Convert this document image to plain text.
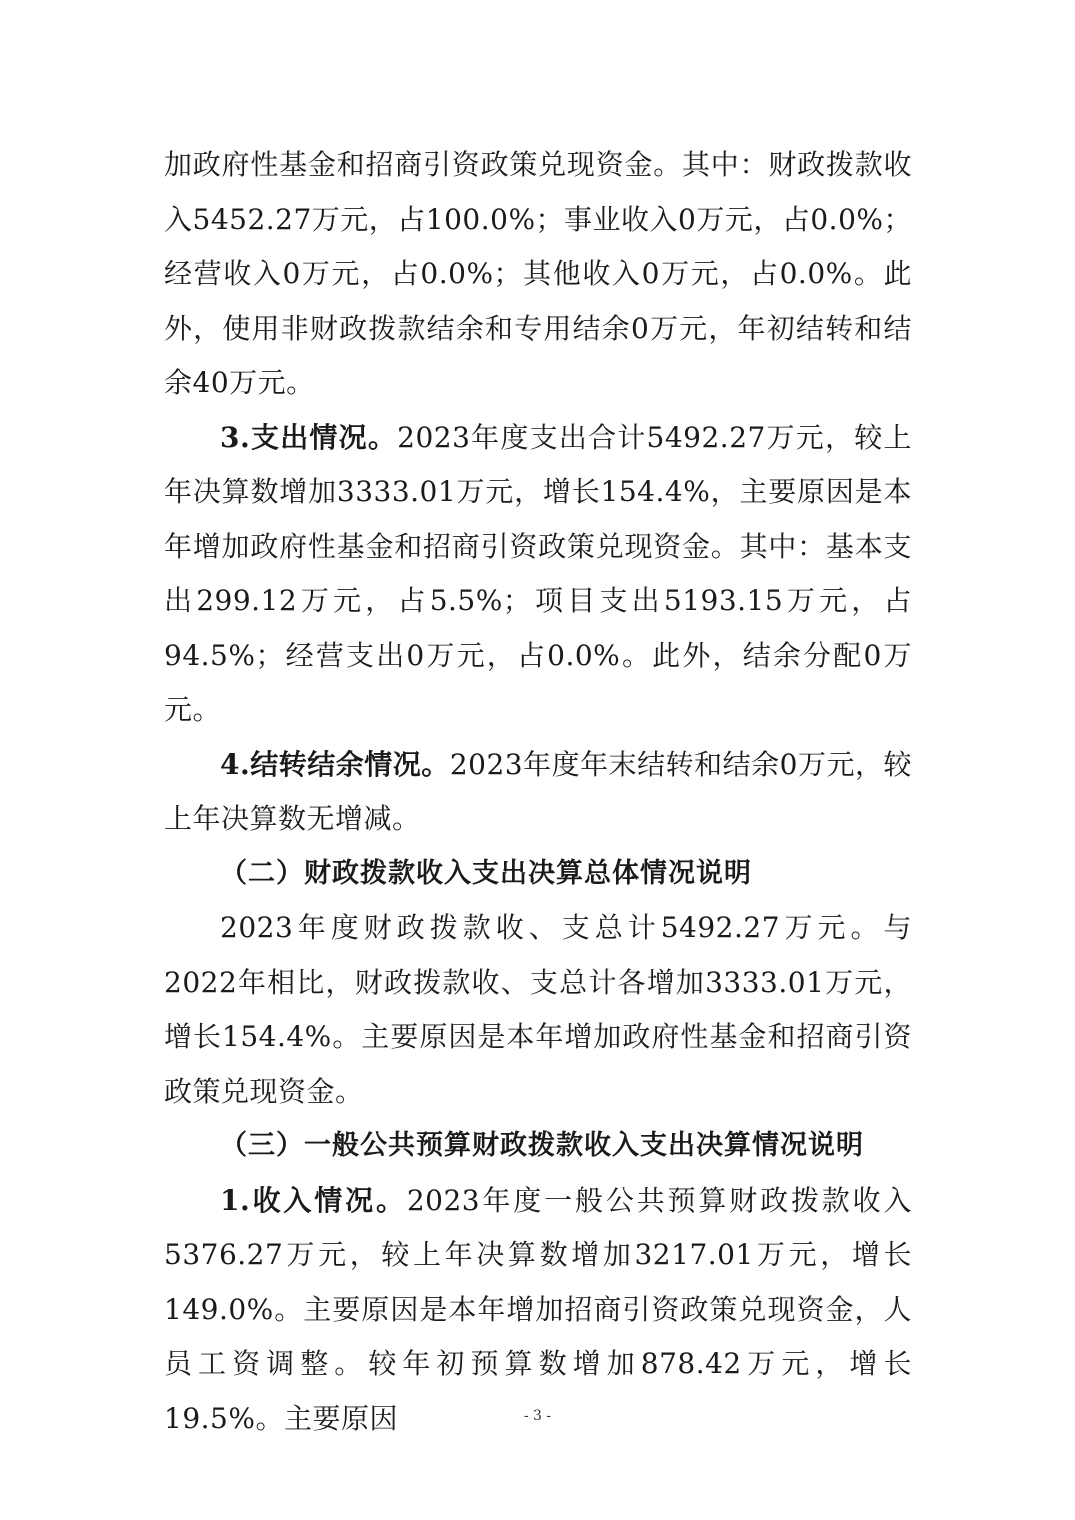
加政府性基金和招商引资政策兑现资金。其中：财政拨款收入5452.27万元，占100.0%；事业收入0万元，占0.0%；经营收入0万元，占0.0%；其他收入0万元，占0.0%。此外，使用非财政拨款结余和专用结余0万元，年初结转和结余40万元。

3.支出情况。2023年度支出合计5492.27万元，较上年决算数增加3333.01万元，增长154.4%，主要原因是本年增加政府性基金和招商引资政策兑现资金。其中：基本支出299.12万元，占5.5%；项目支出5193.15万元，占94.5%；经营支出0万元，占0.0%。此外，结余分配0万元。

4.结转结余情况。2023年度年末结转和结余0万元，较上年决算数无增减。

（二）财政拨款收入支出决算总体情况说明

2023年度财政拨款收、支总计5492.27万元。与2022年相比，财政拨款收、支总计各增加3333.01万元，增长154.4%。主要原因是本年增加政府性基金和招商引资政策兑现资金。

（三）一般公共预算财政拨款收入支出决算情况说明

1.收入情况。2023年度一般公共预算财政拨款收入5376.27万元，较上年决算数增加3217.01万元，增长149.0%。主要原因是本年增加招商引资政策兑现资金，人员工资调整。较年初预算数增加878.42万元，增长19.5%。主要原因	- 3 -
